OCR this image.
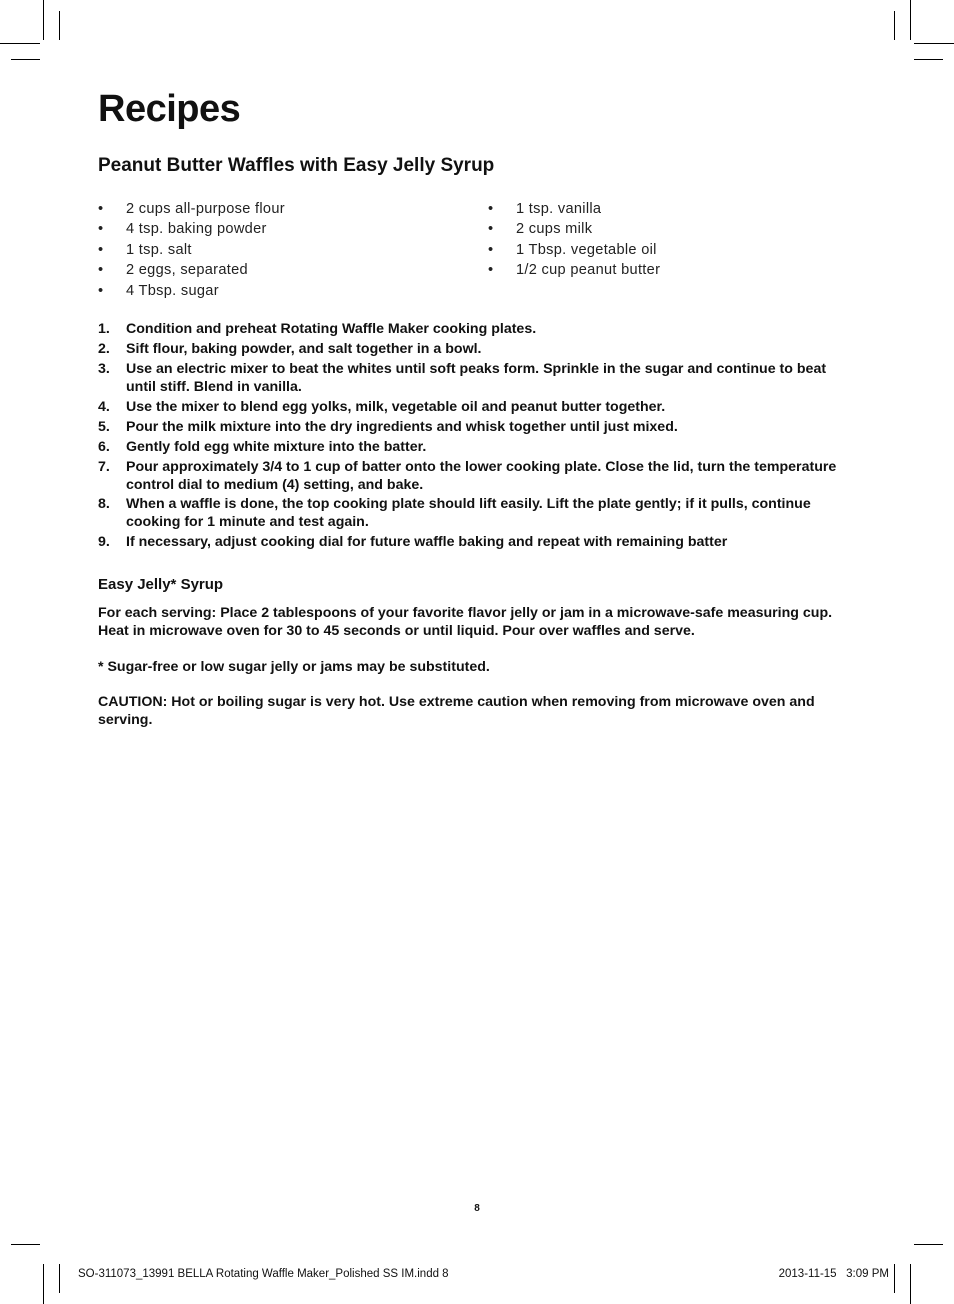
Recipes
Peanut Butter Waffles with Easy Jelly Syrup
• 2 cups all-purpose flour
• 4 tsp. baking powder
• 1 tsp. salt
• 2 eggs, separated
• 4 Tbsp. sugar
• 1 tsp. vanilla
• 2 cups milk
• 1 Tbsp. vegetable oil
• 1/2 cup peanut butter
1. Condition and preheat Rotating Waffle Maker cooking plates.
2. Sift flour, baking powder, and salt together in a bowl.
3. Use an electric mixer to beat the whites until soft peaks form. Sprinkle in the sugar and continue to beat until stiff. Blend in vanilla.
4. Use the mixer to blend egg yolks, milk, vegetable oil and peanut butter together.
5. Pour the milk mixture into the dry ingredients and whisk together until just mixed.
6. Gently fold egg white mixture into the batter.
7. Pour approximately 3/4 to 1 cup of batter onto the lower cooking plate. Close the lid, turn the temperature control dial to medium (4) setting, and bake.
8. When a waffle is done, the top cooking plate should lift easily. Lift the plate gently; if it pulls, continue cooking for 1 minute and test again.
9. If necessary, adjust cooking dial for future waffle baking and repeat with remaining batter
Easy Jelly* Syrup
For each serving: Place 2 tablespoons of your favorite flavor jelly or jam in a microwave-safe measuring cup. Heat in microwave oven for 30 to 45 seconds or until liquid. Pour over waffles and serve.
* Sugar-free or low sugar jelly or jams may be substituted.
CAUTION: Hot or boiling sugar is very hot. Use extreme caution when removing from microwave oven and serving.
8
SO-311073_13991 BELLA Rotating Waffle Maker_Polished SS IM.indd 8	2013-11-15   3:09 PM
